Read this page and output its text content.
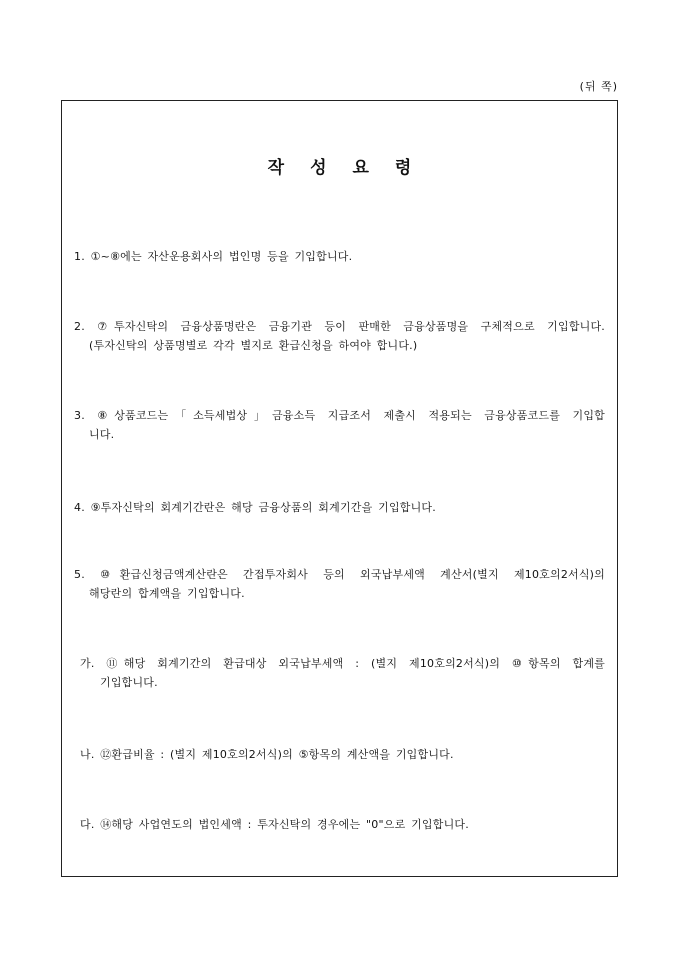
(뒤 쪽)
작성요령
1. ①~⑧에는 자산운용회사의 법인명 등을 기입합니다.
2. ⑦투자신탁의 금융상품명란은 금융기관 등이 판매한 금융상품명을 구체적으로 기입합니다.
(투자신탁의 상품명별로 각각 별지로 환급신청을 하여야 합니다.)
3. ⑧상품코드는「소득세법상」금융소득 지급조서 제출시 적용되는 금융상품코드를 기입합
니다.
4. ⑨투자신탁의 회계기간란은 해당 금융상품의 회계기간을 기입합니다.
5. ⑩환급신청금액계산란은 간접투자회사 등의 외국납부세액 계산서(별지 제10호의2서식)의
해당란의 합계액을 기입합니다.
가. ⑪해당 회계기간의 환급대상 외국납부세액 : (별지 제10호의2서식)의 ⑩항목의 합계를
기입합니다.
나. ⑫환급비율 : (별지 제10호의2서식)의 ⑤항목의 계산액을 기입합니다.
다. ⑭해당 사업연도의 법인세액 : 투자신탁의 경우에는 "0"으로 기입합니다.
